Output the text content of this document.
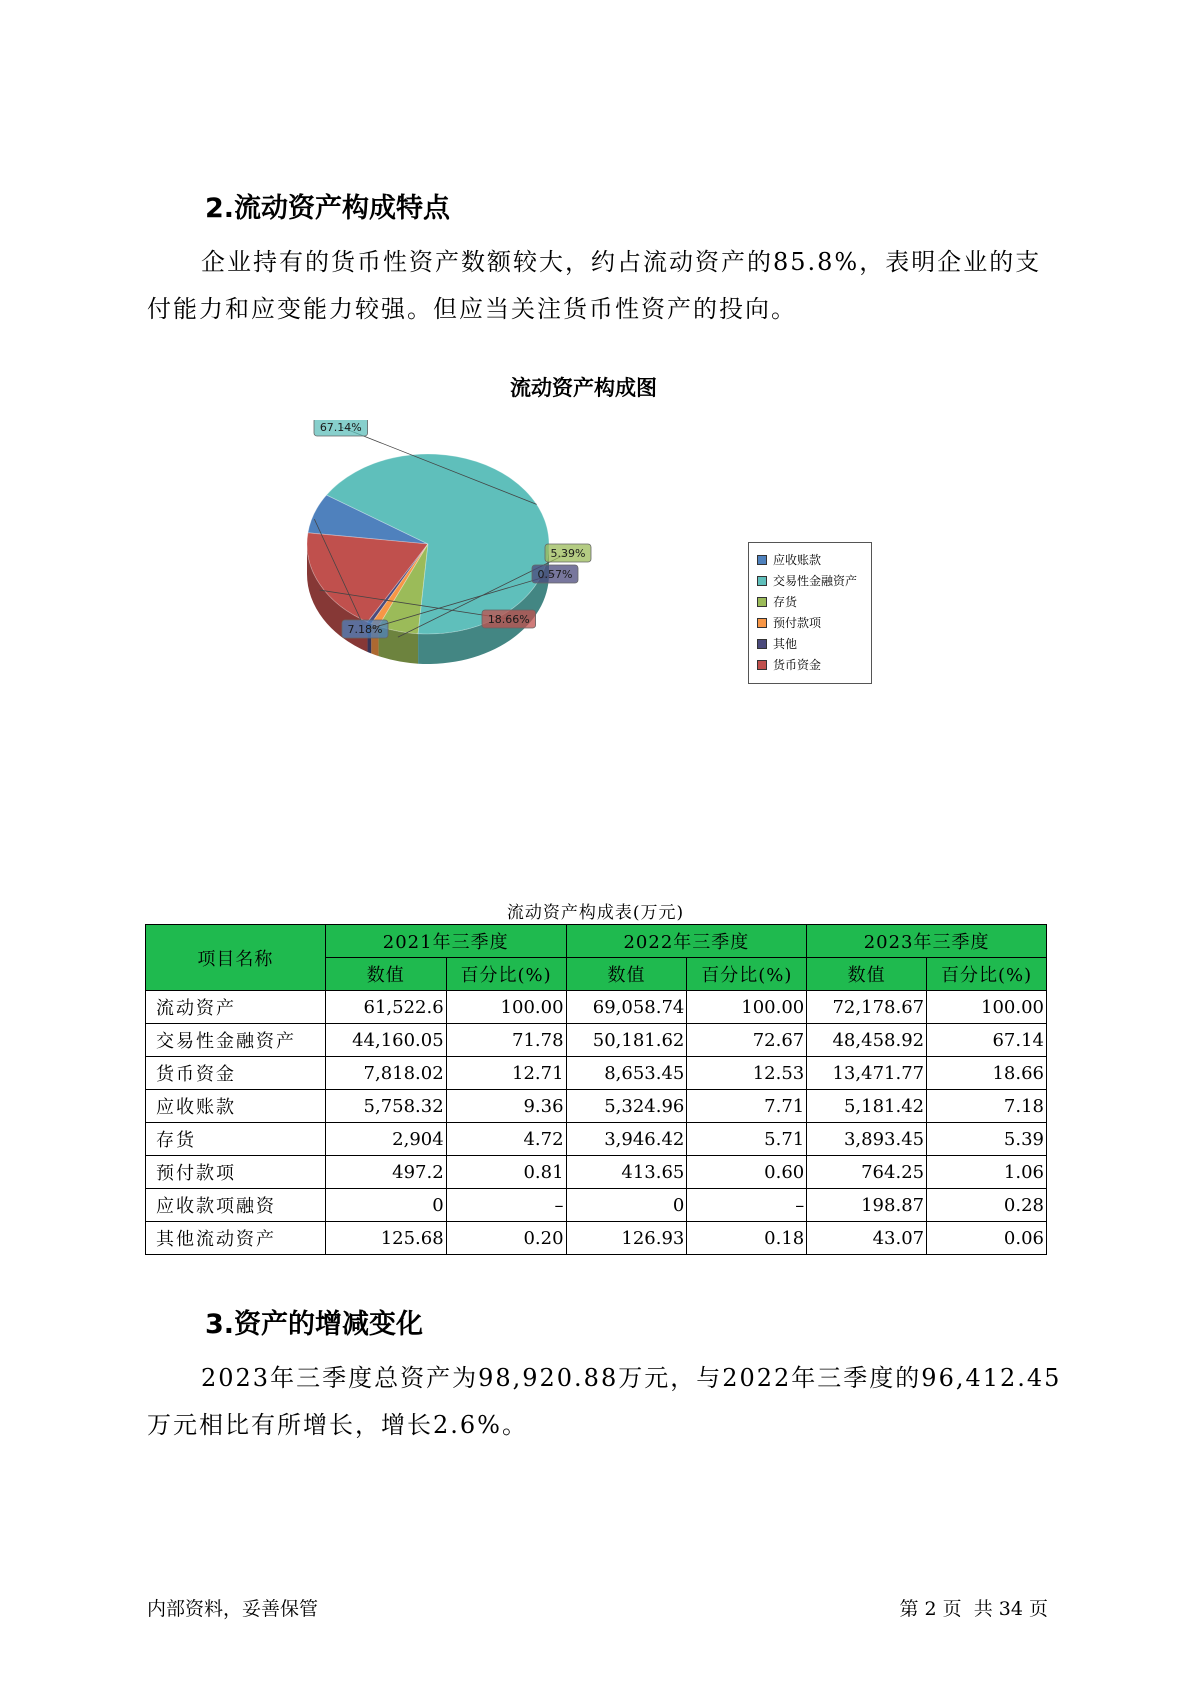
2.流动资产构成特点

企业持有的货币性资产数额较大，约占流动资产的85.8%，表明企业的支付能力和应变能力较强。但应当关注货币性资产的投向。

流动资产构成图
7.18%
67.14%
5.39%
0.57%
18.66%
应收账款
交易性金融资产
存货
预付款项
其他
货币资金
流动资产构成表(万元)
项目名称	2021年三季度		2022年三季度		2023年三季度	
	数值	百分比(%)	数值	百分比(%)	数值	百分比(%)
流动资产	61,522.6	100.00	69,058.74	100.00	72,178.67	100.00
交易性金融资产	44,160.05	71.78	50,181.62	72.67	48,458.92	67.14
货币资金	7,818.02	12.71	8,653.45	12.53	13,471.77	18.66
应收账款	5,758.32	9.36	5,324.96	7.71	5,181.42	7.18
存货	2,904	4.72	3,946.42	5.71	3,893.45	5.39
预付款项	497.2	0.81	413.65	0.60	764.25	1.06
应收款项融资	0	–	0	–	198.87	0.28
其他流动资产	125.68	0.20	126.93	0.18	43.07	0.06
3.资产的增减变化

2023年三季度总资产为98,920.88万元，与2022年三季度的96,412.45万元相比有所增长，增长2.6%。

内部资料，妥善保管	第 2 页  共 34 页
